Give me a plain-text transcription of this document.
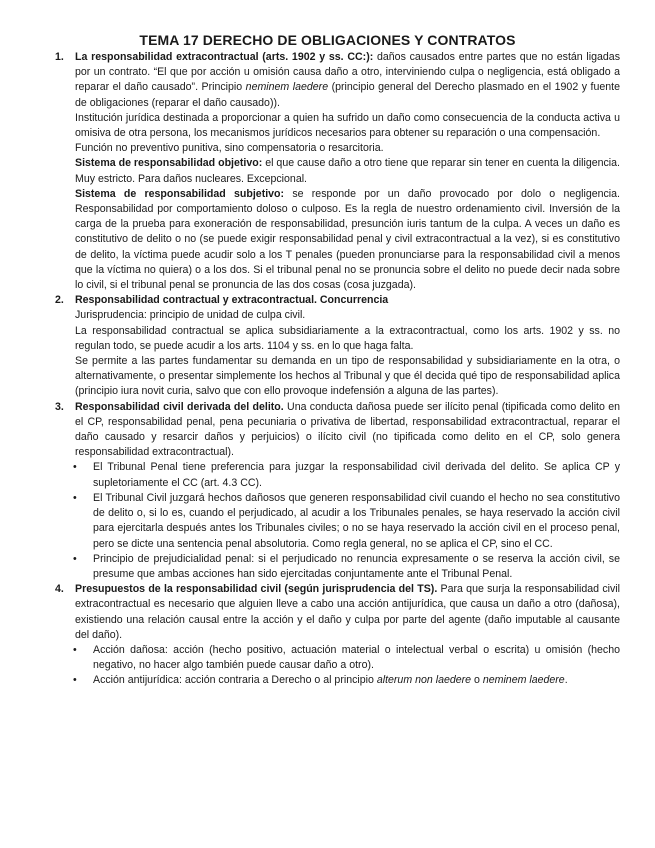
TEMA 17 DERECHO DE OBLIGACIONES Y CONTRATOS
1. La responsabilidad extracontractual (arts. 1902 y ss. CC:): daños causados entre partes que no están ligadas por un contrato. “El que por acción u omisión causa daño a otro, interviniendo culpa o negligencia, está obligado a reparar el daño causado”. Principio neminem laedere (principio general del Derecho plasmado en el 1902 y fuente de obligaciones (reparar el daño causado)).

Institución jurídica destinada a proporcionar a quien ha sufrido un daño como consecuencia de la conducta activa u omisiva de otra persona, los mecanismos jurídicos necesarios para obtener su reparación o una compensación.

Función no preventivo punitiva, sino compensatoria o resarcitoria.

Sistema de responsabilidad objetivo: el que cause daño a otro tiene que reparar sin tener en cuenta la diligencia. Muy estricto. Para daños nucleares. Excepcional.

Sistema de responsabilidad subjetivo: se responde por un daño provocado por dolo o negligencia. Responsabilidad por comportamiento doloso o culposo. Es la regla de nuestro ordenamiento civil. Inversión de la carga de la prueba para exoneración de responsabilidad, presunción iuris tantum de la culpa. A veces un daño es constitutivo de delito o no (se puede exigir responsabilidad penal y civil extracontractual a la vez), si es constitutivo de delito, la víctima puede acudir solo a los T penales (pueden pronunciarse para la responsabilidad civil a menos que la víctima no quiera) o a los dos. Si el tribunal penal no se pronuncia sobre el delito no puede decir nada sobre lo civil, si el tribunal penal se pronuncia de las dos cosas (cosa juzgada).

2. Responsabilidad contractual y extracontractual. Concurrencia

Jurisprudencia: principio de unidad de culpa civil.

La responsabilidad contractual se aplica subsidiariamente a la extracontractual, como los arts. 1902 y ss. no regulan todo, se puede acudir a los arts. 1104 y ss. en lo que haga falta.

Se permite a las partes fundamentar su demanda en un tipo de responsabilidad y subsidiariamente en la otra, o alternativamente, o presentar simplemente los hechos al Tribunal y que él decida qué tipo de responsabilidad aplica (principio iura novit curia, salvo que con ello provoque indefensión a alguna de las partes).

3. Responsabilidad civil derivada del delito. Una conducta dañosa puede ser ilícito penal (tipificada como delito en el CP, responsabilidad penal, pena pecuniaria o privativa de libertad, responsabilidad extracontractual, reparar el daño causado y resarcir daños y perjuicios) o ilícito civil (no tipificada como delito en el CP, solo genera responsabilidad extracontractual).

• El Tribunal Penal tiene preferencia para juzgar la responsabilidad civil derivada del delito. Se aplica CP y supletoriamente el CC (art. 4.3 CC).
• El Tribunal Civil juzgará hechos dañosos que generen responsabilidad civil cuando el hecho no sea constitutivo de delito o, si lo es, cuando el perjudicado, al acudir a los Tribunales penales, se haya reservado la acción civil para ejercitarla después antes los Tribunales civiles; o no se haya reservado la acción civil en el proceso penal, pero se dicte una sentencia penal absolutoria. Como regla general, no se aplica el CP, sino el CC.
• Principio de prejudicialidad penal: si el perjudicado no renuncia expresamente o se reserva la acción civil, se presume que ambas acciones han sido ejercitadas conjuntamente ante el Tribunal Penal.
4. Presupuestos de la responsabilidad civil (según jurisprudencia del TS). Para que surja la responsabilidad civil extracontractual es necesario que alguien lleve a cabo una acción antijurídica, que causa un daño a otro (dañosa), existiendo una relación causal entre la acción y el daño y culpa por parte del agente (daño imputable al causante del daño).

• Acción dañosa: acción (hecho positivo, actuación material o intelectual verbal o escrita) u omisión (hecho negativo, no hacer algo también puede causar daño a otro).
• Acción antijurídica: acción contraria a Derecho o al principio alterum non laedere o neminem laedere.
